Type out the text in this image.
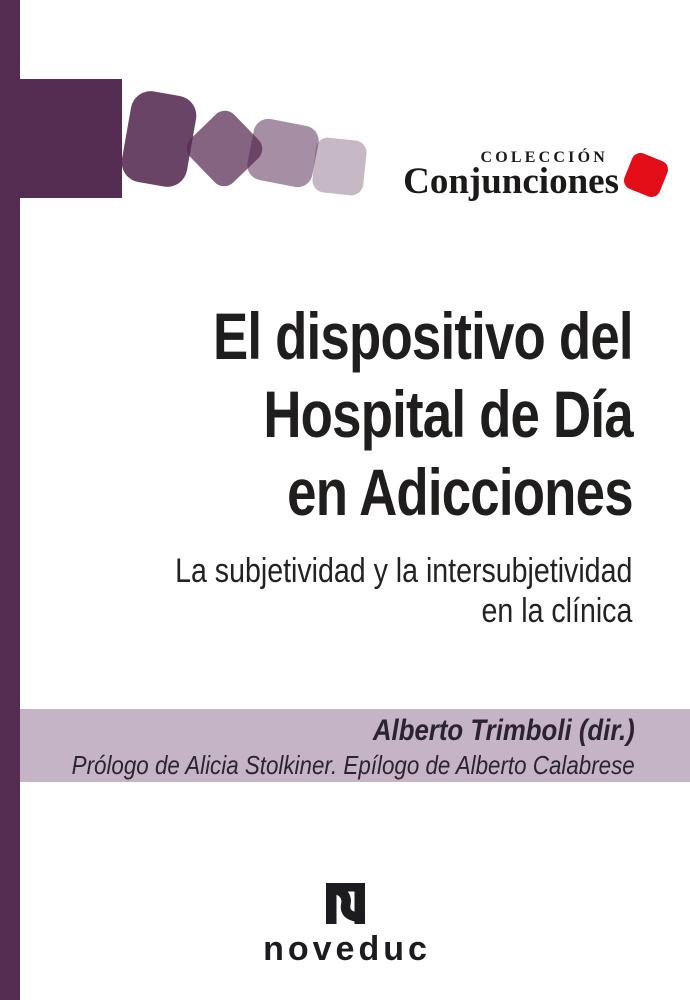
COLECCIÓN
Conjunciones
El dispositivo del
Hospital de Día
en Adicciones
La subjetividad y la intersubjetividad
en la clínica
Alberto Trimboli (dir.)
Prólogo de Alicia Stolkiner. Epílogo de Alberto Calabrese
noveduc
